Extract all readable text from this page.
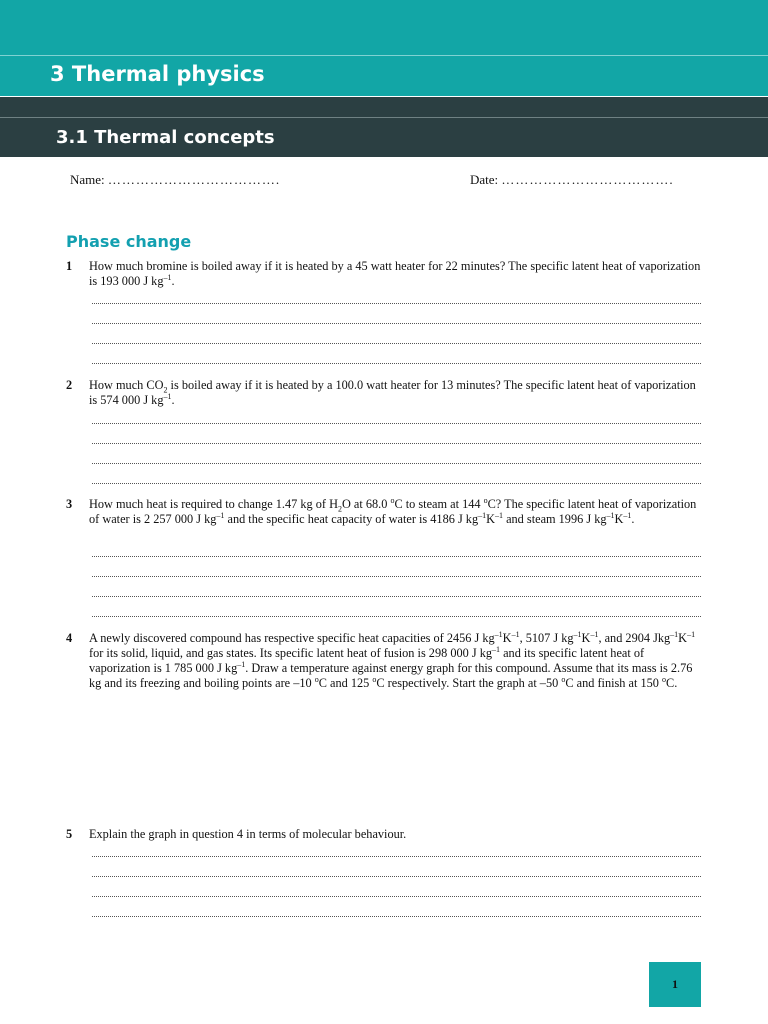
3 Thermal physics
3.1 Thermal concepts
Name: ……………………………….	Date: ……………………………….
Phase change
1 How much bromine is boiled away if it is heated by a 45 watt heater for 22 minutes? The specific latent heat of vaporization is 193 000 J $kg^{-1}$.
2 How much $CO_2$ is boiled away if it is heated by a 100.0 watt heater for 13 minutes? The specific latent heat of vaporization is 574 000 J $kg^{-1}$.
3 How much heat is required to change 1.47 kg of $H_2O$ at 68.0 $^o$C to steam at 144 $^o$C? The specific latent heat of vaporization of water is 2 257 000 J $kg^{-1}$ and the specific heat capacity of water is 4186 J $kg^{-1}K^{-1}$ and steam 1996 J $kg^{-1}K^{-1}$.
4 A newly discovered compound has respective specific heat capacities of 2456 J $kg^{-1}K^{-1}$, 5107 J $kg^{-1}K^{-1}$, and 2904 $Jkg^{-1}K^{-1}$ for its solid, liquid, and gas states. Its specific latent heat of fusion is 298 000 J $kg^{-1}$ and its specific latent heat of vaporization is 1 785 000 J $kg^{-1}$. Draw a temperature against energy graph for this compound. Assume that its mass is 2.76 kg and its freezing and boiling points are –10 $^o$C and 125 $^o$C respectively. Start the graph at –50 $^o$C and finish at 150 $^o$C.
5 Explain the graph in question 4 in terms of molecular behaviour.
1
